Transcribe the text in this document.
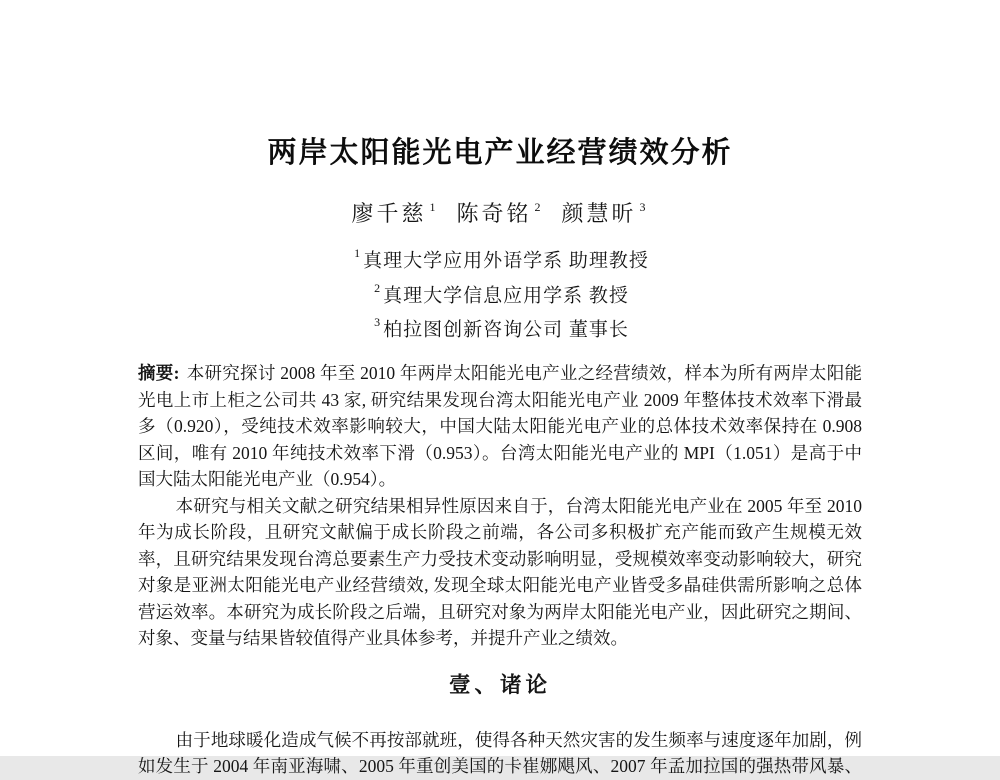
两岸太阳能光电产业经营绩效分析
廖千慈 $^1$ 陈奇铭 $^2$ 颜慧昕 $^3$
$^1$ 真理大学应用外语学系 助理教授
$^2$ 真理大学信息应用学系 教授
$^3$ 柏拉图创新咨询公司 董事长
摘要: 本研究探讨 2008 年至 2010 年两岸太阳能光电产业之经营绩效，样本为所有两岸太阳能
光电上市上柜之公司共 43 家, 研究结果发现台湾太阳能光电产业 2009 年整体技术效率下滑最
多（0.920），受纯技术效率影响较大，中国大陆太阳能光电产业的总体技术效率保持在 0.908
区间，唯有 2010 年纯技术效率下滑（0.953）。台湾太阳能光电产业的 MPI（1.051）是高于中
国大陆太阳能光电产业（0.954）。
本研究与相关文献之研究结果相异性原因来自于，台湾太阳能光电产业在 2005 年至 2010
年为成长阶段，且研究文献偏于成长阶段之前端，各公司多积极扩充产能而致产生规模无效
率，且研究结果发现台湾总要素生产力受技术变动影响明显，受规模效率变动影响较大，研究
对象是亚洲太阳能光电产业经营绩效, 发现全球太阳能光电产业皆受多晶硅供需所影响之总体
营运效率。本研究为成长阶段之后端，且研究对象为两岸太阳能光电产业，因此研究之期间、
对象、变量与结果皆较值得产业具体参考，并提升产业之绩效。
壹、诸论
由于地球暖化造成气候不再按部就班，使得各种天然灾害的发生频率与速度逐年加剧，例
如发生于 2004 年南亚海啸、2005 年重创美国的卡崔娜飓风、2007 年孟加拉国的强热带风暴、
